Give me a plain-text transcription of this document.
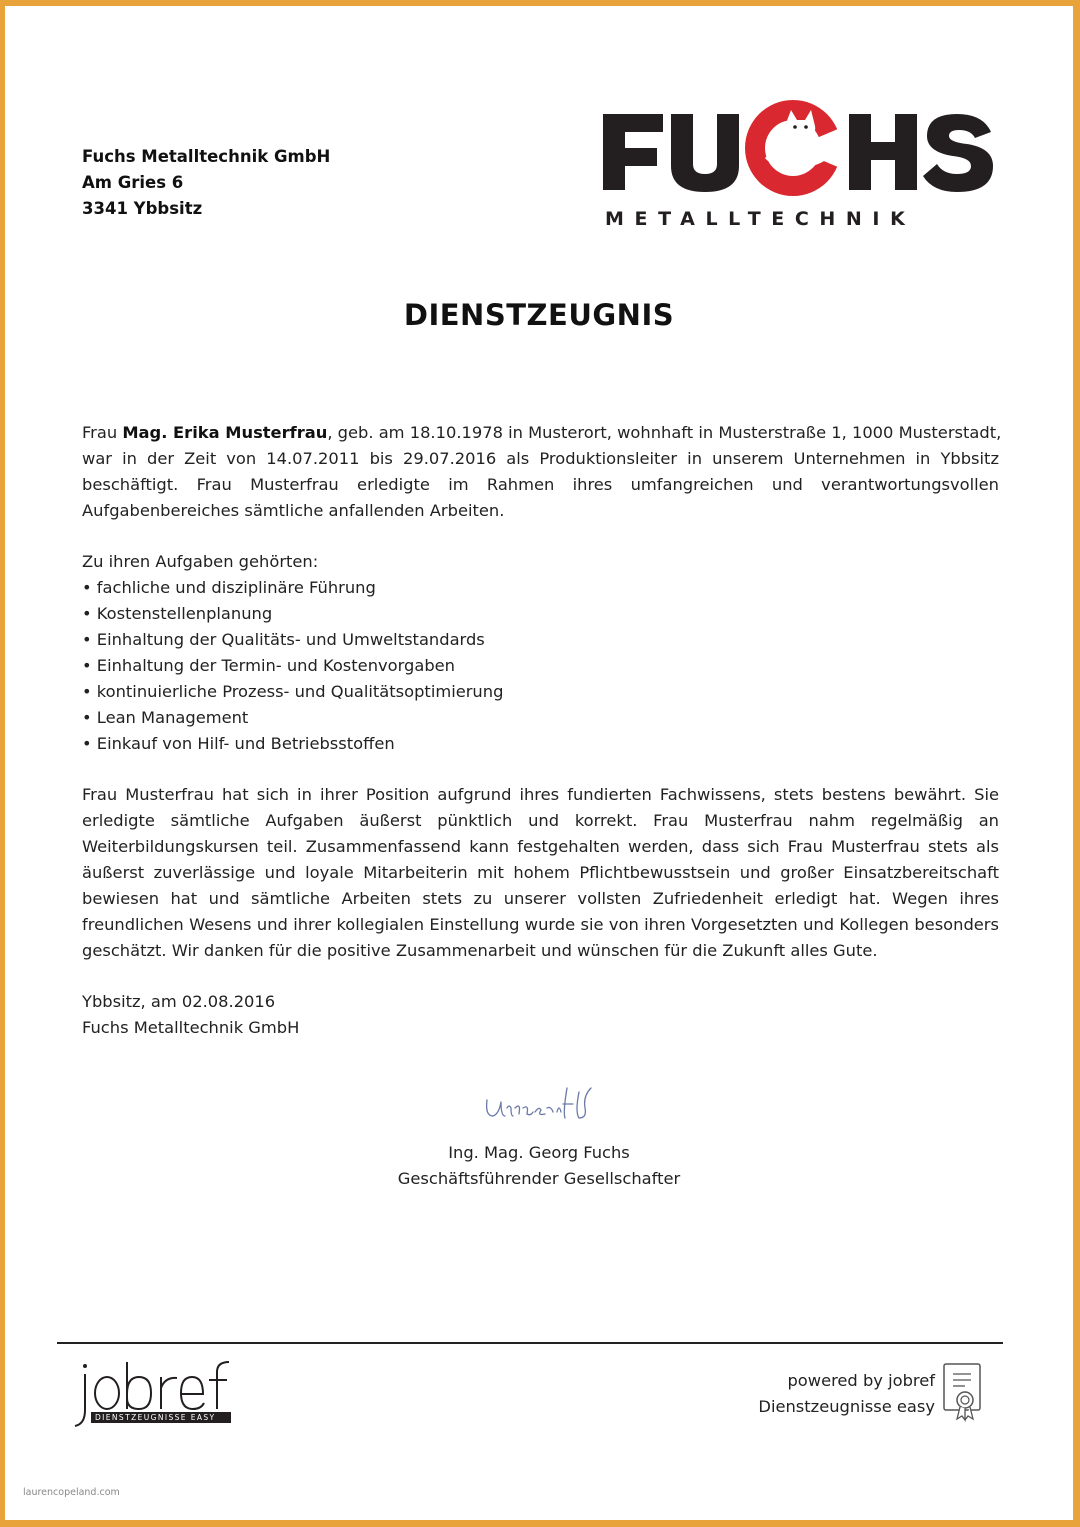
Fuchs Metalltechnik GmbH
Am Gries 6
3341 Ybbsitz	METALLTECHNIK
DIENSTZEUGNIS
Frau Mag. Erika Musterfrau, geb. am 18.10.1978 in Musterort, wohnhaft in Musterstraße 1, 1000 Musterstadt,
war in der Zeit von 14.07.2011 bis 29.07.2016 als Produktionsleiter in unserem Unternehmen in Ybbsitz
beschäftigt. Frau Musterfrau erledigte im Rahmen ihres umfangreichen und verantwortungsvollen
Aufgabenbereiches sämtliche anfallenden Arbeiten.
Zu ihren Aufgaben gehörten:
• fachliche und disziplinäre Führung
• Kostenstellenplanung
• Einhaltung der Qualitäts- und Umweltstandards
• Einhaltung der Termin- und Kostenvorgaben
• kontinuierliche Prozess- und Qualitätsoptimierung
• Lean Management
• Einkauf von Hilf- und Betriebsstoffen
Frau Musterfrau hat sich in ihrer Position aufgrund ihres fundierten Fachwissens, stets bestens bewährt. Sie
erledigte sämtliche Aufgaben äußerst pünktlich und korrekt. Frau Musterfrau nahm regelmäßig an
Weiterbildungskursen teil. Zusammenfassend kann festgehalten werden, dass sich Frau Musterfrau stets als
äußerst zuverlässige und loyale Mitarbeiterin mit hohem Pflichtbewusstsein und großer Einsatzbereitschaft
bewiesen hat und sämtliche Arbeiten stets zu unserer vollsten Zufriedenheit erledigt hat. Wegen ihres
freundlichen Wesens und ihrer kollegialen Einstellung wurde sie von ihren Vorgesetzten und Kollegen besonders
geschätzt. Wir danken für die positive Zusammenarbeit und wünschen für die Zukunft alles Gute.
Ybbsitz, am 02.08.2016
Fuchs Metalltechnik GmbH
Ing. Mag. Georg Fuchs
Geschäftsführender Gesellschafter
DIENSTZEUGNISSE EASY
powered by jobref
Dienstzeugnisse easy
laurencopeland.com
